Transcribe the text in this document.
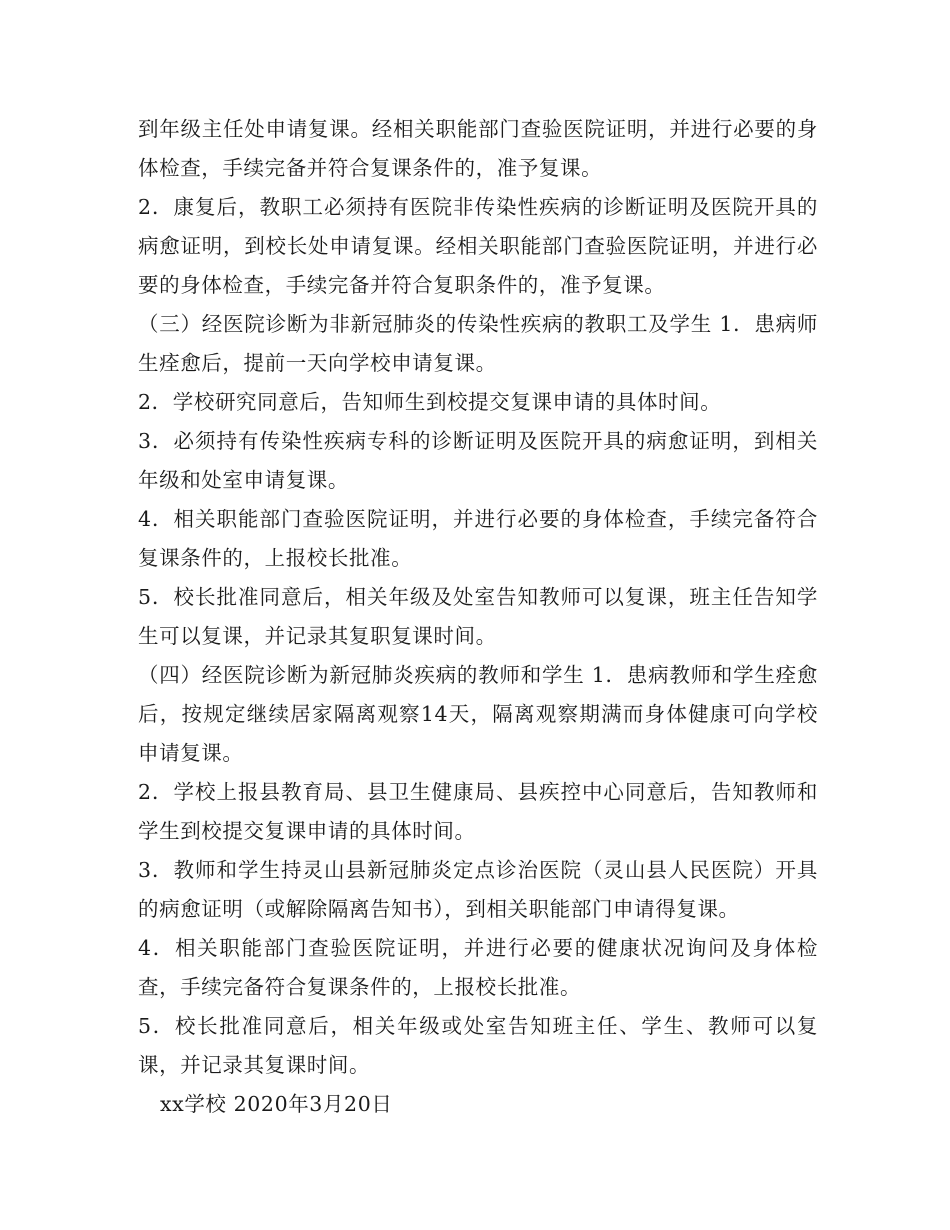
到年级主任处申请复课。经相关职能部门查验医院证明，并进行必要的身体检查，手续完备并符合复课条件的，准予复课。

2．康复后，教职工必须持有医院非传染性疾病的诊断证明及医院开具的病愈证明，到校长处申请复课。经相关职能部门查验医院证明，并进行必要的身体检查，手续完备并符合复职条件的，准予复课。

（三）经医院诊断为非新冠肺炎的传染性疾病的教职工及学生 1．患病师生痊愈后，提前一天向学校申请复课。

2．学校研究同意后，告知师生到校提交复课申请的具体时间。

3．必须持有传染性疾病专科的诊断证明及医院开具的病愈证明，到相关年级和处室申请复课。

4．相关职能部门查验医院证明，并进行必要的身体检查，手续完备符合复课条件的，上报校长批准。

5．校长批准同意后，相关年级及处室告知教师可以复课，班主任告知学生可以复课，并记录其复职复课时间。

（四）经医院诊断为新冠肺炎疾病的教师和学生 1．患病教师和学生痊愈后，按规定继续居家隔离观察14天，隔离观察期满而身体健康可向学校申请复课。

2．学校上报县教育局、县卫生健康局、县疾控中心同意后，告知教师和学生到校提交复课申请的具体时间。

3．教师和学生持灵山县新冠肺炎定点诊治医院（灵山县人民医院）开具的病愈证明（或解除隔离告知书），到相关职能部门申请得复课。

4．相关职能部门查验医院证明，并进行必要的健康状况询问及身体检查，手续完备符合复课条件的，上报校长批准。

5．校长批准同意后，相关年级或处室告知班主任、学生、教师可以复课，并记录其复课时间。

xx学校 2020年3月20日
